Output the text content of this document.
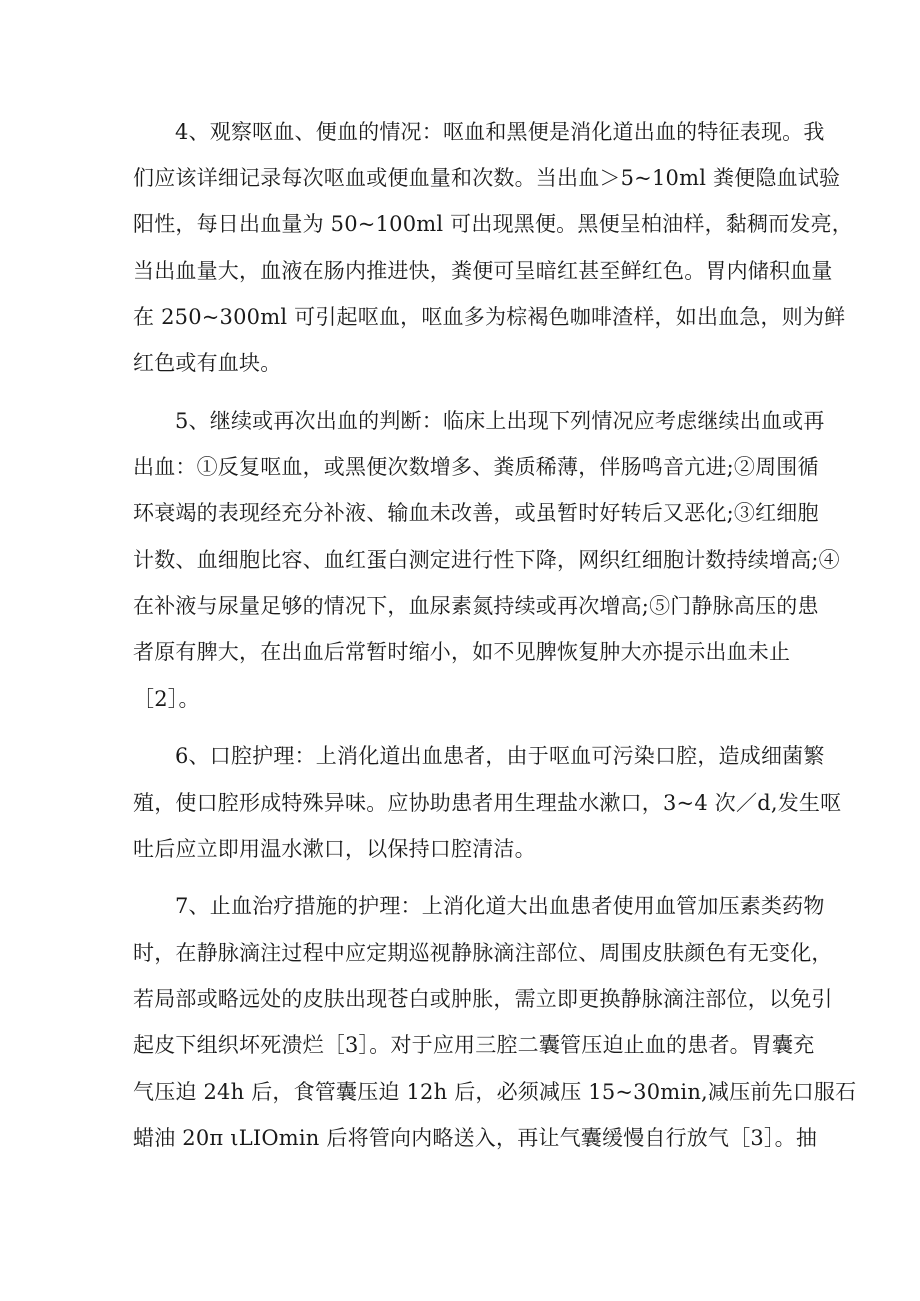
4、观察呕血、便血的情况：呕血和黑便是消化道出血的特征表现。我
们应该详细记录每次呕血或便血量和次数。当出血＞5~10ml 粪便隐血试验
阳性，每日出血量为 50~100ml 可出现黑便。黑便呈柏油样，黏稠而发亮，
当出血量大，血液在肠内推进快，粪便可呈暗红甚至鲜红色。胃内储积血量
在 250~300ml 可引起呕血，呕血多为棕褐色咖啡渣样，如出血急，则为鲜
红色或有血块。
5、继续或再次出血的判断：临床上出现下列情况应考虑继续出血或再
出血：①反复呕血，或黑便次数增多、粪质稀薄，伴肠鸣音亢进;②周围循
环衰竭的表现经充分补液、输血未改善，或虽暂时好转后又恶化;③红细胞
计数、血细胞比容、血红蛋白测定进行性下降，网织红细胞计数持续增高;④
在补液与尿量足够的情况下，血尿素氮持续或再次增高;⑤门静脉高压的患
者原有脾大，在出血后常暂时缩小，如不见脾恢复肿大亦提示出血未止
［2］。
6、口腔护理：上消化道出血患者，由于呕血可污染口腔，造成细菌繁
殖，使口腔形成特殊异味。应协助患者用生理盐水漱口，3~4 次／d,发生呕
吐后应立即用温水漱口，以保持口腔清洁。
7、止血治疗措施的护理：上消化道大出血患者使用血管加压素类药物
时，在静脉滴注过程中应定期巡视静脉滴注部位、周围皮肤颜色有无变化，
若局部或略远处的皮肤出现苍白或肿胀，需立即更换静脉滴注部位，以免引
起皮下组织坏死溃烂［3］。对于应用三腔二囊管压迫止血的患者。胃囊充
气压迫 24h 后，食管囊压迫 12h 后，必须减压 15~30min,减压前先口服石
蜡油 20π ιLIOmin 后将管向内略送入，再让气囊缓慢自行放气［3］。抽
